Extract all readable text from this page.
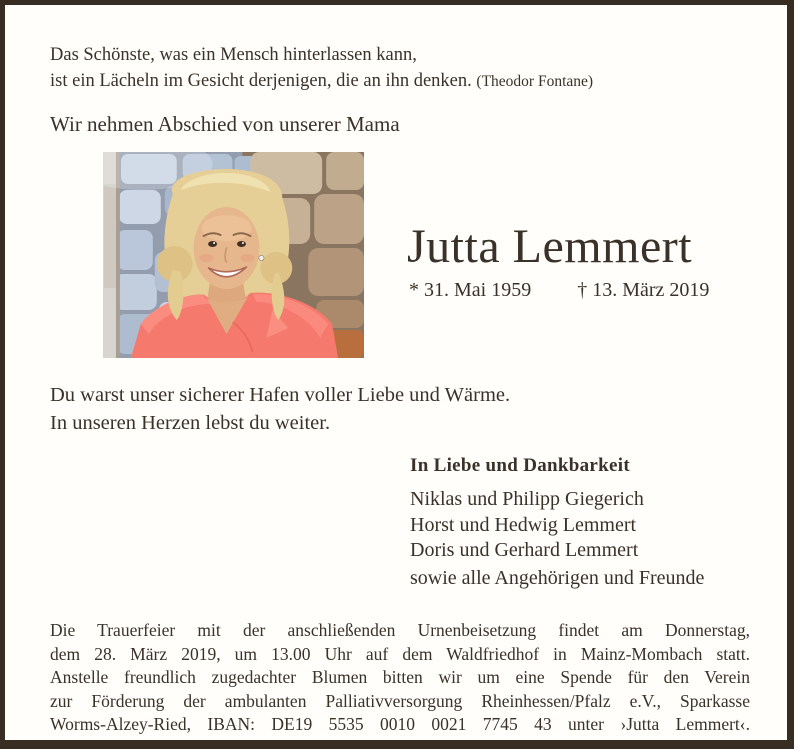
Das Schönste, was ein Mensch hinterlassen kann,
ist ein Lächeln im Gesicht derjenigen, die an ihn denken. (Theodor Fontane)
Wir nehmen Abschied von unserer Mama
Jutta Lemmert
* 31. Mai 1959 † 13. März 2019
Du warst unser sicherer Hafen voller Liebe und Wärme.
In unseren Herzen lebst du weiter.
In Liebe und Dankbarkeit
Niklas und Philipp Giegerich
Horst und Hedwig Lemmert
Doris und Gerhard Lemmert
sowie alle Angehörigen und Freunde
Die Trauerfeier mit der anschließenden Urnenbeisetzung findet am Donnerstag,
dem 28. März 2019, um 13.00 Uhr auf dem Waldfriedhof in Mainz-Mombach statt.
Anstelle freundlich zugedachter Blumen bitten wir um eine Spende für den Verein
zur Förderung der ambulanten Palliativversorgung Rheinhessen/Pfalz e.V., Sparkasse
Worms-Alzey-Ried, IBAN: DE19 5535 0010 0021 7745 43 unter ›Jutta Lemmert‹.
